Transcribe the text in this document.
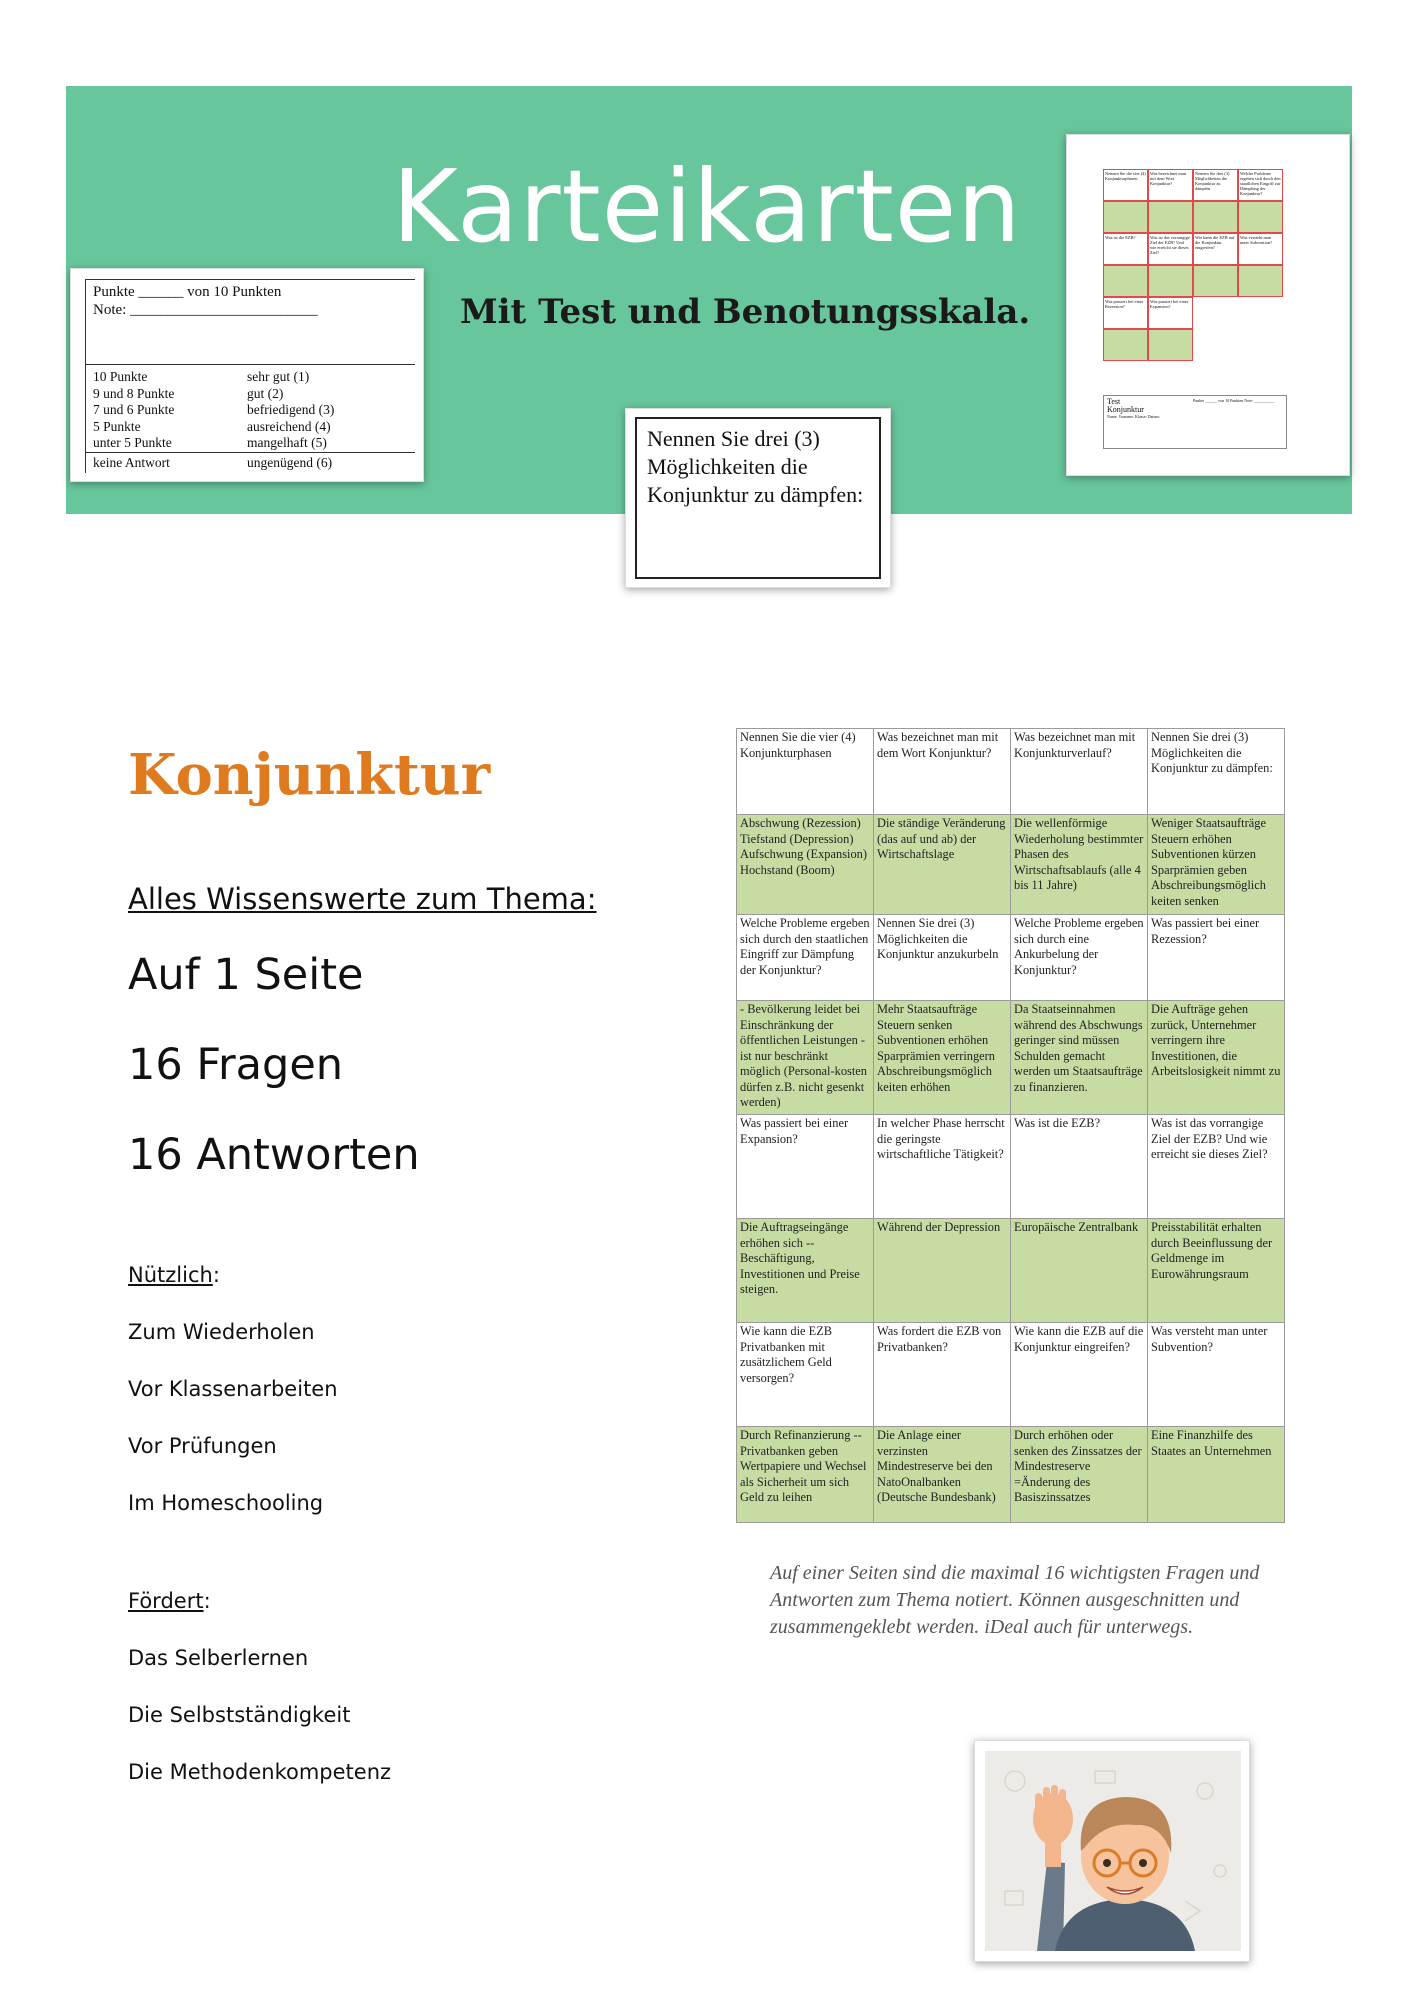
Karteikarten
Mit Test und Benotungsskala.
Punkte ______ von 10 Punkten
Note: _________________________
10 Punkte	sehr gut (1)
9 und 8 Punkte	gut (2)
7 und 6 Punkte	befriedigend (3)
5 Punkte	ausreichend (4)
unter 5 Punkte	mangelhaft (5)
keine Antwort	ungenügend (6)
Nennen Sie drei (3) Möglichkeiten die Konjunktur zu dämpfen:
Nennen Sie die vier (4) Konjunkturphasen
Was bezeichnet man mit dem Wort Konjunktur?
Nennen Sie drei (3) Möglichkeiten die Konjunktur zu dämpfen
Welche Probleme ergeben sich durch den staatlichen Eingriff zur Dämpfung der Konjunktur?
Was ist die EZB?	Was ist das vorrangige Ziel der EZB? Und wie erreicht sie dieses Ziel?
Wie kann die EZB auf die Konjunktur eingreifen?
Was versteht man unter Subvention?
Was passiert bei einer Rezession?
Was passiert bei einer Expansion?
Test
Konjunktur
Name, Vorname: Klasse: Datum:
Punkte ______ von 10 Punkten Note: __________
Konjunktur
Alles Wissenswerte zum Thema:
Auf 1 Seite
16 Fragen
16 Antworten
Nützlich:
Zum Wiederholen
Vor Klassenarbeiten
Vor Prüfungen
Im Homeschooling
Fördert:
Das Selberlernen
Die Selbstständigkeit
Die Methodenkompetenz
Nennen Sie die vier (4) Konjunkturphasen	Was bezeichnet man mit dem Wort Konjunktur?	Was bezeichnet man mit Konjunkturverlauf?	Nennen Sie drei (3) Möglichkeiten die Konjunktur zu dämpfen:
Abschwung (Rezession) Tiefstand (Depression) Aufschwung (Expansion) Hochstand (Boom)	Die ständige Veränderung (das auf und ab) der Wirtschaftslage	Die wellenförmige Wiederholung bestimmter Phasen des Wirtschaftsablaufs (alle 4 bis 11 Jahre)	Weniger Staatsaufträge Steuern erhöhen Subventionen kürzen Sparprämien geben Abschreibungsmöglich keiten senken
Welche Probleme ergeben sich durch den staatlichen Eingriff zur Dämpfung der Konjunktur?	Nennen Sie drei (3) Möglichkeiten die Konjunktur anzukurbeln	Welche Probleme ergeben sich durch eine Ankurbelung der Konjunktur?	Was passiert bei einer Rezession?
- Bevölkerung leidet bei Einschränkung der öffentlichen Leistungen -ist nur beschränkt möglich (Personal-kosten dürfen z.B. nicht gesenkt werden)	Mehr Staatsaufträge Steuern senken Subventionen erhöhen Sparprämien verringern Abschreibungsmöglich keiten erhöhen	Da Staatseinnahmen während des Abschwungs geringer sind müssen Schulden gemacht werden um Staatsaufträge zu finanzieren.	Die Aufträge gehen zurück, Unternehmer verringern ihre Investitionen, die Arbeitslosigkeit nimmt zu
Was passiert bei einer Expansion?	In welcher Phase herrscht die geringste wirtschaftliche Tätigkeit?	Was ist die EZB?	Was ist das vorrangige Ziel der EZB? Und wie erreicht sie dieses Ziel?
Die Auftragseingänge erhöhen sich -- Beschäftigung, Investitionen und Preise steigen.	Während der Depression	Europäische Zentralbank	Preisstabilität erhalten durch Beeinflussung der Geldmenge im Eurowährungsraum
Wie kann die EZB Privatbanken mit zusätzlichem Geld versorgen?	Was fordert die EZB von Privatbanken?	Wie kann die EZB auf die Konjunktur eingreifen?	Was versteht man unter Subvention?
Durch Refinanzierung -- Privatbanken geben Wertpapiere und Wechsel als Sicherheit um sich Geld zu leihen	Die Anlage einer verzinsten Mindestreserve bei den NatoOnalbanken (Deutsche Bundesbank)	Durch erhöhen oder senken des Zinssatzes der Mindestreserve =Änderung des Basiszinssatzes	Eine Finanzhilfe des Staates an Unternehmen
Auf einer Seiten sind die maximal 16 wichtigsten Fragen und Antworten zum Thema notiert. Können ausgeschnitten und zusammengeklebt werden. iDeal auch für unterwegs.
